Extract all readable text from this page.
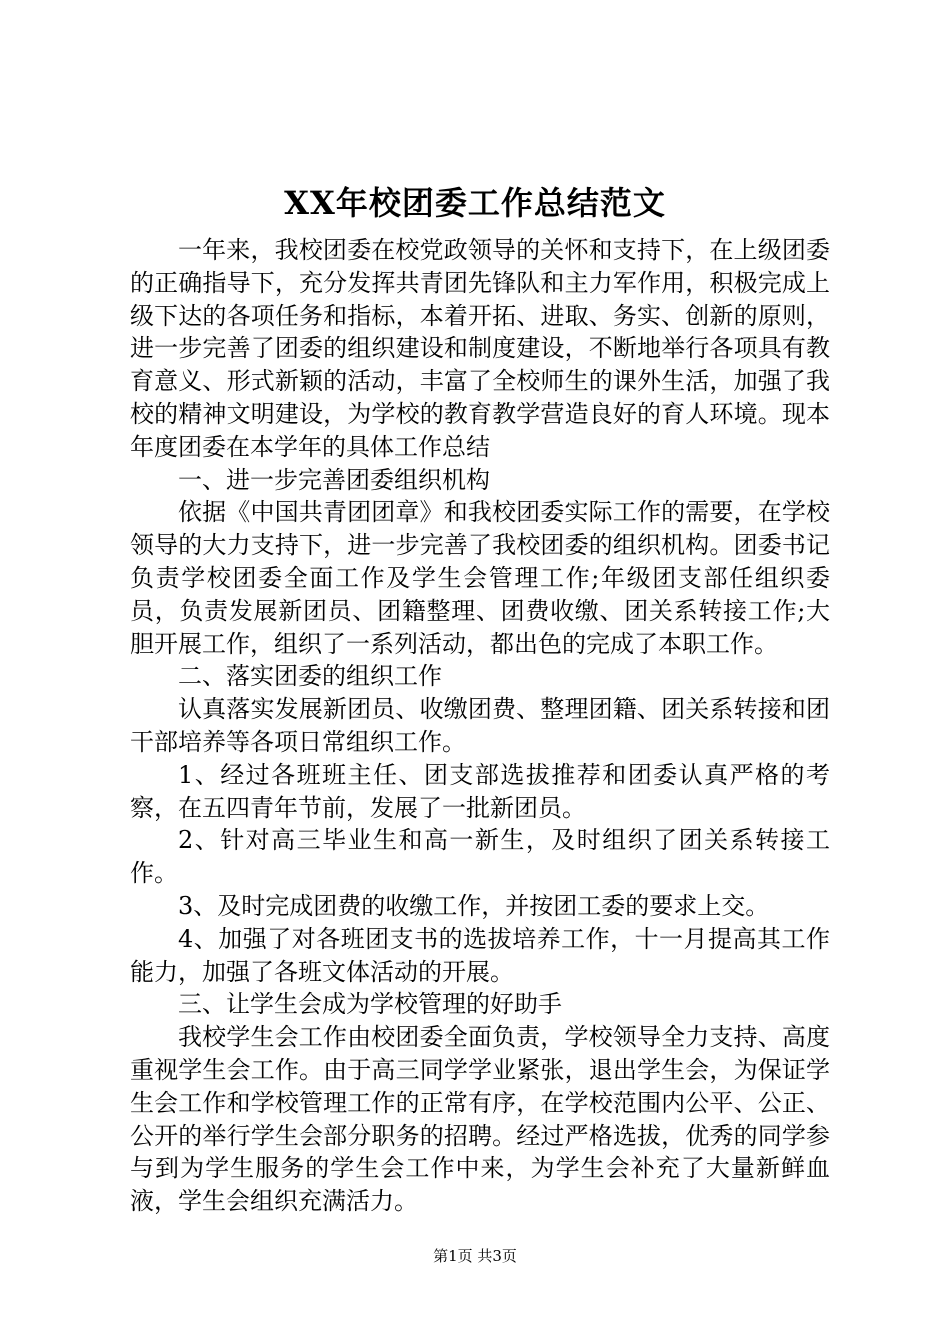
XX年校团委工作总结范文

一年来，我校团委在校党政领导的关怀和支持下，在上级团委的正确指导下，充分发挥共青团先锋队和主力军作用，积极完成上级下达的各项任务和指标，本着开拓、进取、务实、创新的原则，进一步完善了团委的组织建设和制度建设，不断地举行各项具有教育意义、形式新颖的活动，丰富了全校师生的课外生活，加强了我校的精神文明建设，为学校的教育教学营造良好的育人环境。现本年度团委在本学年的具体工作总结

一、进一步完善团委组织机构

依据《中国共青团团章》和我校团委实际工作的需要，在学校领导的大力支持下，进一步完善了我校团委的组织机构。团委书记负责学校团委全面工作及学生会管理工作;年级团支部任组织委员，负责发展新团员、团籍整理、团费收缴、团关系转接工作;大胆开展工作，组织了一系列活动，都出色的完成了本职工作。

二、落实团委的组织工作

认真落实发展新团员、收缴团费、整理团籍、团关系转接和团干部培养等各项日常组织工作。

1、经过各班班主任、团支部选拔推荐和团委认真严格的考察，在五四青年节前，发展了一批新团员。

2、针对高三毕业生和高一新生，及时组织了团关系转接工作。

3、及时完成团费的收缴工作，并按团工委的要求上交。

4、加强了对各班团支书的选拔培养工作，十一月提高其工作能力，加强了各班文体活动的开展。

三、让学生会成为学校管理的好助手

我校学生会工作由校团委全面负责，学校领导全力支持、高度重视学生会工作。由于高三同学学业紧张，退出学生会，为保证学生会工作和学校管理工作的正常有序，在学校范围内公平、公正、公开的举行学生会部分职务的招聘。经过严格选拔，优秀的同学参与到为学生服务的学生会工作中来，为学生会补充了大量新鲜血液，学生会组织充满活力。

第1页 共3页
